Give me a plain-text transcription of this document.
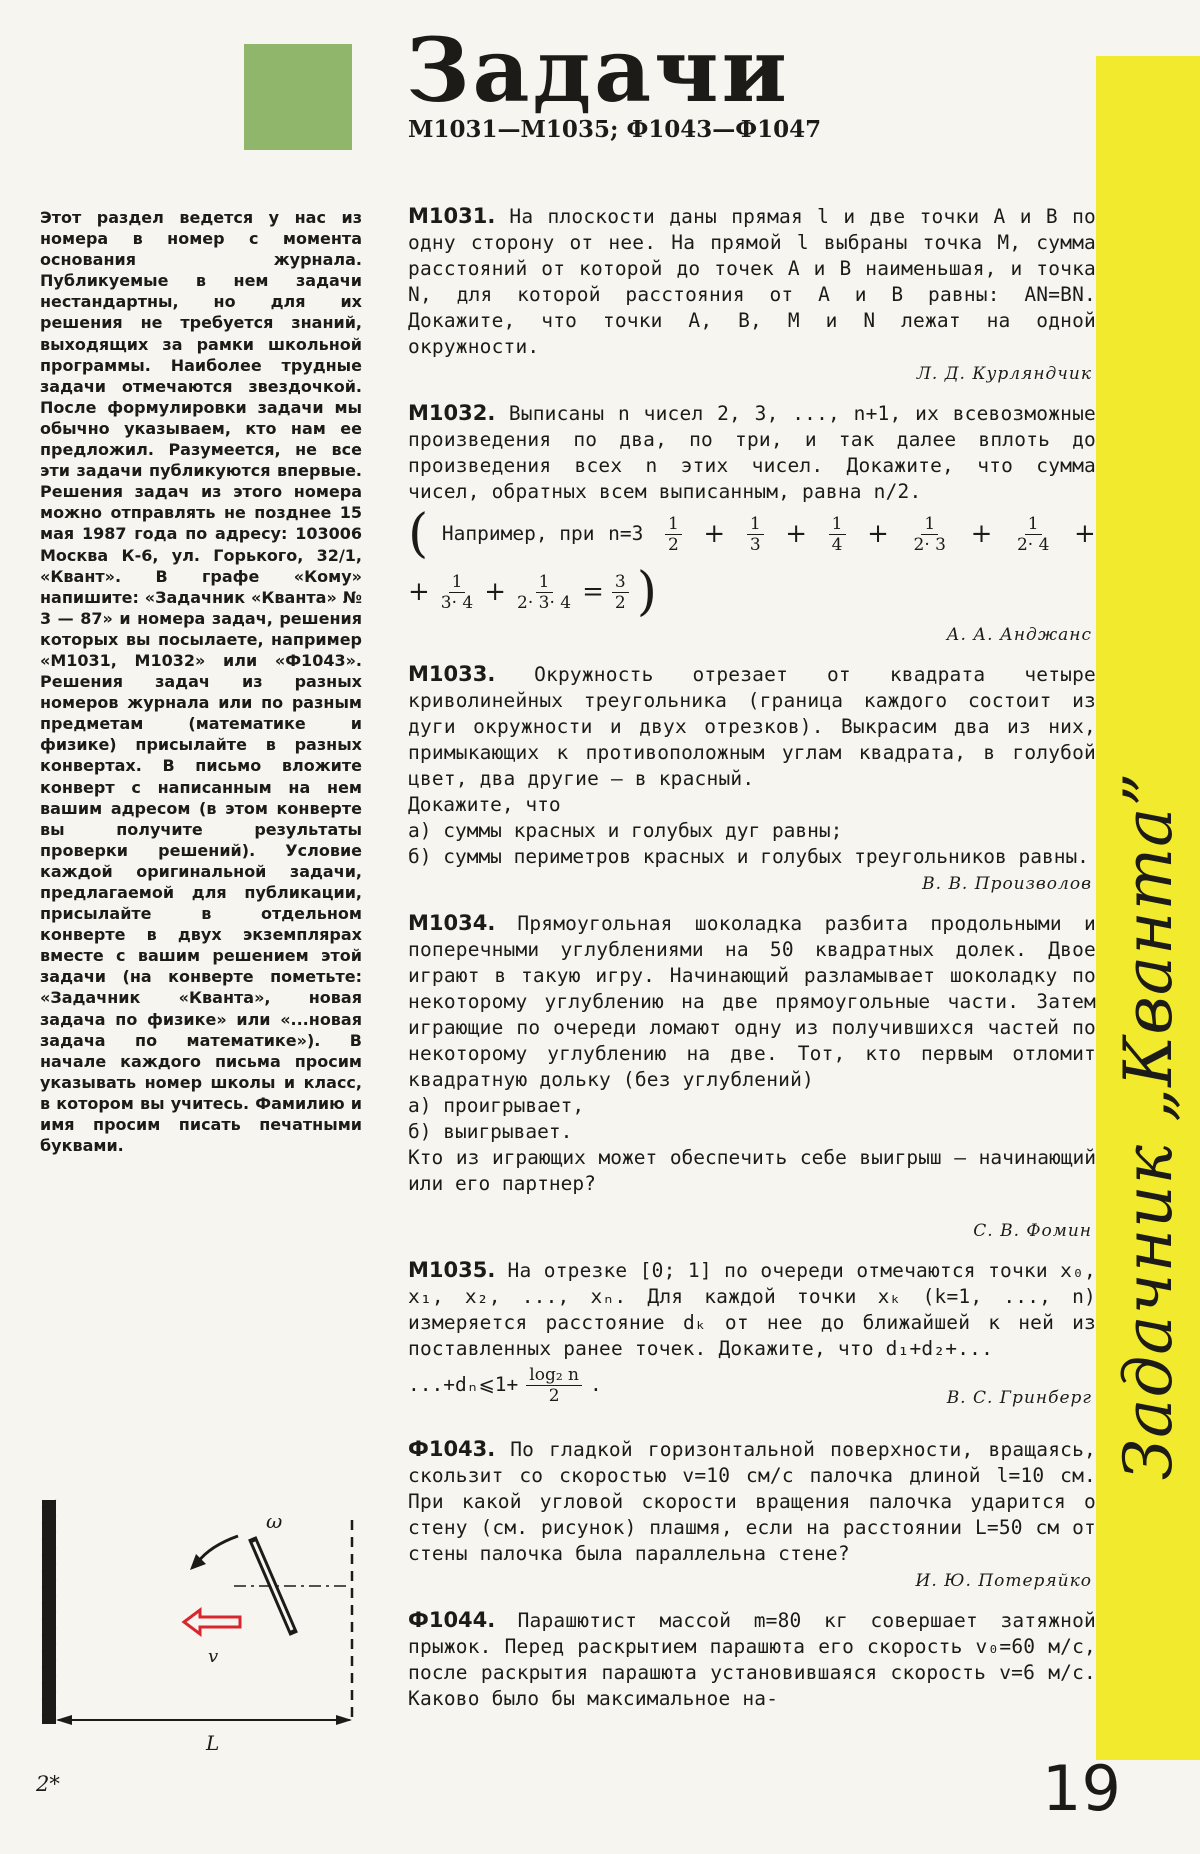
Задачник „Кванта”
Задачи
М1031—М1035; Ф1043—Ф1047
Этот раздел ведется у нас из номера в номер с момента основания журнала. Публикуемые в нем задачи нестандартны, но для их решения не требуется знаний, выходящих за рамки школьной программы. Наиболее трудные задачи отмечаются звездочкой. После формулировки задачи мы обычно указываем, кто нам ее предложил. Разумеется, не все эти задачи публикуются впервые. Решения задач из этого номера можно отправлять не позднее 15 мая 1987 года по адресу: 103006 Москва К-6, ул. Горького, 32/1, «Квант». В графе «Кому» напишите: «Задачник «Кванта» № 3 — 87» и номера задач, решения которых вы посылаете, например «М1031, М1032» или «Ф1043». Решения задач из разных номеров журнала или по разным предметам (математике и физике) присылайте в разных конвертах. В письмо вложите конверт с написанным на нем вашим адресом (в этом конверте вы получите результаты проверки решений). Условие каждой оригинальной задачи, предлагаемой для публикации, присылайте в отдельном конверте в двух экземплярах вместе с вашим решением этой задачи (на конверте пометьте: «Задачник «Кванта», новая задача по физике» или «...новая задача по математике»). В начале каждого письма просим указывать номер школы и класс, в котором вы учитесь. Фамилию и имя просим писать печатными буквами.

М1031. На плоскости даны прямая l и две точки A и B по одну сторону от нее. На прямой l выбраны точка M, сумма расстояний от которой до точек A и B наименьшая, и точка N, для которой расстояния от A и B равны: AN=BN. Докажите, что точки A, B, M и N лежат на одной окружности.

Л. Д. Курляндчик

М1032. Выписаны n чисел 2, 3, ..., n+1, их всевозможные произведения по два, по три, и так далее вплоть до произведения всех n этих чисел. Докажите, что сумма чисел, обратных всем выписанным, равна n/2.

( Например, при $n=3 \frac{1}{2} + \frac{1}{3} + \frac{1}{4} + \frac{1}{2\cdot 3} + \frac{1}{2\cdot 4}$ +
+ $\frac{1}{3\cdot 4} + \frac{1}{2\cdot 3\cdot 4} = \frac{3}{2}$ )
А. А. Анджанс

М1033. Окружность отрезает от квадрата четыре криволинейных треугольника (граница каждого состоит из дуги окружности и двух отрезков). Выкрасим два из них, примыкающих к противоположным углам квадрата, в голубой цвет, два другие — в красный.

Докажите, что

а) суммы красных и голубых дуг равны;

б) суммы периметров красных и голубых треугольников равны.

В. В. Произволов

М1034. Прямоугольная шоколадка разбита продольными и поперечными углублениями на 50 квадратных долек. Двое играют в такую игру. Начинающий разламывает шоколадку по некоторому углублению на две прямоугольные части. Затем играющие по очереди ломают одну из получившихся частей по некоторому углублению на две. Тот, кто первым отломит квадратную дольку (без углублений)

а) проигрывает,

б) выигрывает.

Кто из играющих может обеспечить себе выигрыш — начинающий или его партнер?

С. В. Фомин

М1035. На отрезке [0; 1] по очереди отмечаются точки x₀, x₁, x₂, ..., xₙ. Для каждой точки xₖ (k=1, ..., n) измеряется расстояние dₖ от нее до ближайшей к ней из поставленных ранее точек. Докажите, что d₁+d₂+...

...+dₙ⩽1+ $\frac{\text{log₂ n}}{2}$ .
В. С. Гринберг

Ф1043. По гладкой горизонтальной поверхности, вращаясь, скользит со скоростью v=10 см/с палочка длиной l=10 см. При какой угловой скорости вращения палочка ударится о стену (см. рисунок) плашмя, если на расстоянии L=50 см от стены палочка была параллельна стене?

И. Ю. Потеряйко

Ф1044. Парашютист массой m=80 кг совершает затяжной прыжок. Перед раскрытием парашюта его скорость v₀=60 м/с, после раскрытия парашюта установившаяся скорость v=6 м/с. Каково было бы максимальное на-

ω
v
L
2*	19
